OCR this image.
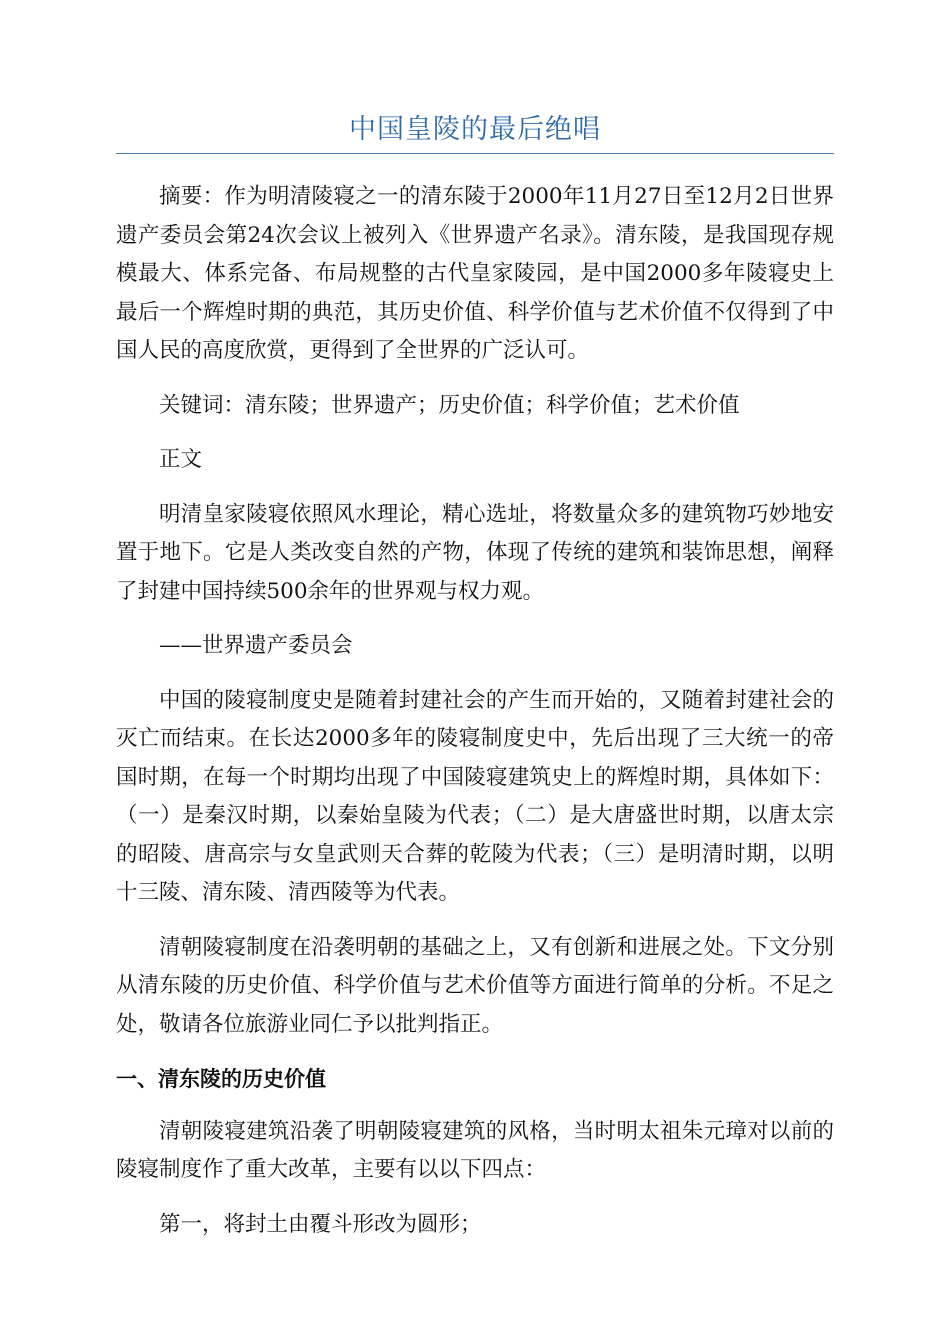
中国皇陵的最后绝唱

摘要：作为明清陵寝之一的清东陵于2000年11月27日至12月2日世界遗产委员会第24次会议上被列入《世界遗产名录》。清东陵，是我国现存规模最大、体系完备、布局规整的古代皇家陵园，是中国2000多年陵寝史上最后一个辉煌时期的典范，其历史价值、科学价值与艺术价值不仅得到了中国人民的高度欣赏，更得到了全世界的广泛认可。

关键词：清东陵；世界遗产；历史价值；科学价值；艺术价值

正文

明清皇家陵寝依照风水理论，精心选址，将数量众多的建筑物巧妙地安置于地下。它是人类改变自然的产物，体现了传统的建筑和装饰思想，阐释了封建中国持续500余年的世界观与权力观。

——世界遗产委员会

中国的陵寝制度史是随着封建社会的产生而开始的，又随着封建社会的灭亡而结束。在长达2000多年的陵寝制度史中，先后出现了三大统一的帝国时期，在每一个时期均出现了中国陵寝建筑史上的辉煌时期，具体如下：（一）是秦汉时期，以秦始皇陵为代表；（二）是大唐盛世时期，以唐太宗的昭陵、唐高宗与女皇武则天合葬的乾陵为代表；（三）是明清时期，以明十三陵、清东陵、清西陵等为代表。

清朝陵寝制度在沿袭明朝的基础之上，又有创新和进展之处。下文分别从清东陵的历史价值、科学价值与艺术价值等方面进行简单的分析。不足之处，敬请各位旅游业同仁予以批判指正。

一、清东陵的历史价值

清朝陵寝建筑沿袭了明朝陵寝建筑的风格，当时明太祖朱元璋对以前的陵寝制度作了重大改革，主要有以以下四点：

第一，将封土由覆斗形改为圆形；
